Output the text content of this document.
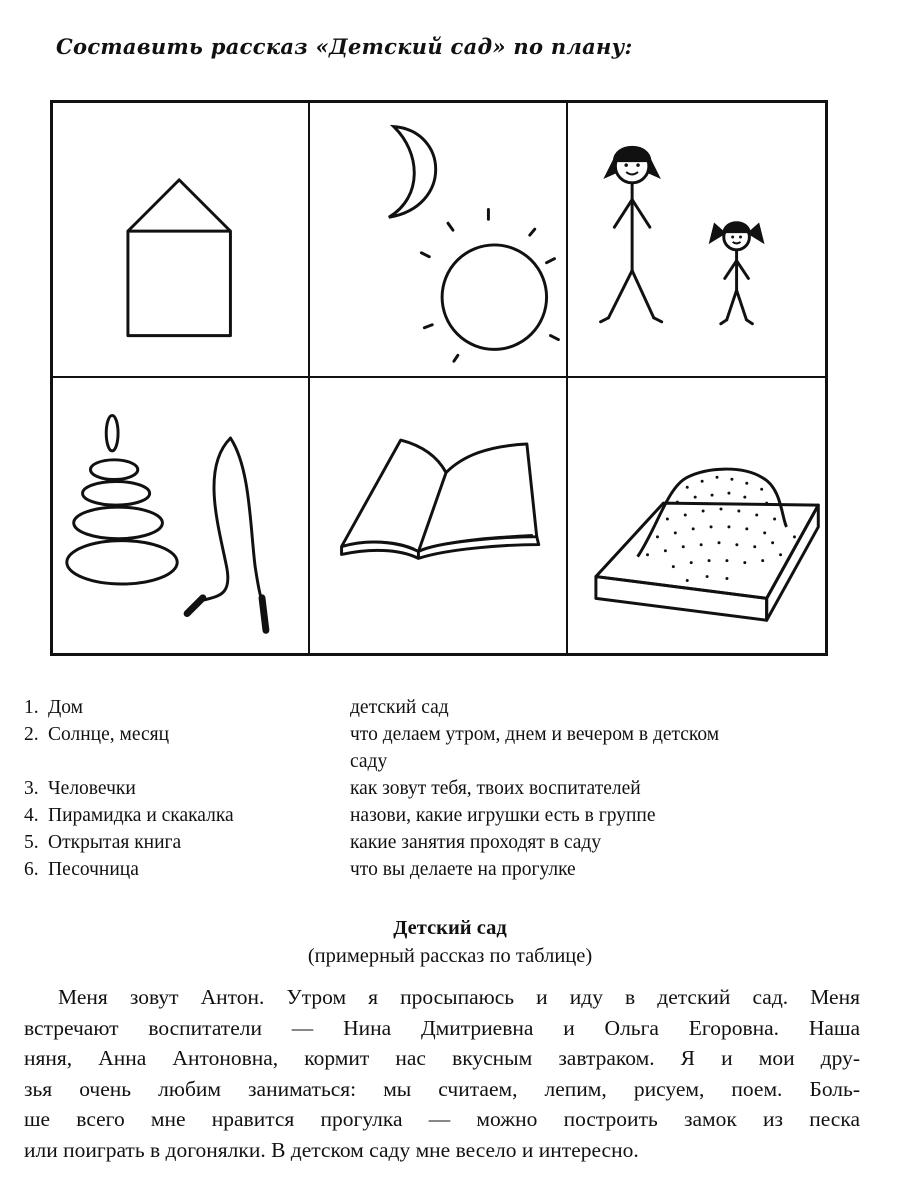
Составить рассказ «Детский сад» по плану:
1. Дом	детский сад
2. Солнце, месяц	что делаем утром, днем и вечером в детском
саду
3. Человечки	как зовут тебя, твоих воспитателей
4. Пирамидка и скакалка	назови, какие игрушки есть в группе
5. Открытая книга	какие занятия проходят в саду
6. Песочница	что вы делаете на прогулке
Детский сад
(примерный рассказ по таблице)
Меня зовут Антон. Утром я просыпаюсь и иду в детский сад. Меня
встречают воспитатели — Нина Дмитриевна и Ольга Егоровна. Наша
няня, Анна Антоновна, кормит нас вкусным завтраком. Я и мои дру-
зья очень любим заниматься: мы считаем, лепим, рисуем, поем. Боль-
ше всего мне нравится прогулка — можно построить замок из песка
или поиграть в догонялки. В детском саду мне весело и интересно.
